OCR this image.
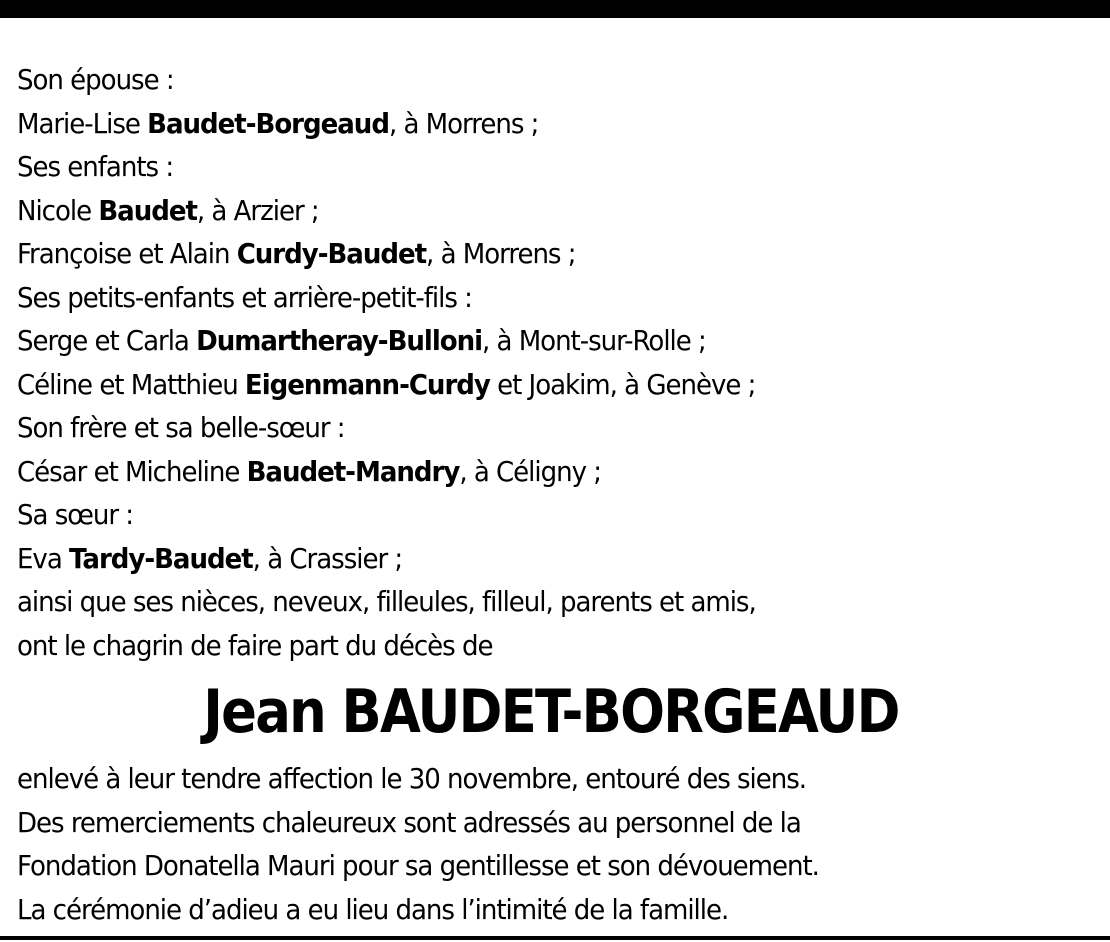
Son épouse :
Marie-Lise Baudet-Borgeaud, à Morrens ;
Ses enfants :
Nicole Baudet, à Arzier ;
Françoise et Alain Curdy-Baudet, à Morrens ;
Ses petits-enfants et arrière-petit-fils :
Serge et Carla Dumartheray-Bulloni, à Mont-sur-Rolle ;
Céline et Matthieu Eigenmann-Curdy et Joakim, à Genève ;
Son frère et sa belle-sœur :
César et Micheline Baudet-Mandry, à Céligny ;
Sa sœur :
Eva Tardy-Baudet, à Crassier ;
ainsi que ses nièces, neveux, filleules, filleul, parents et amis,
ont le chagrin de faire part du décès de
Jean BAUDET-BORGEAUD
enlevé à leur tendre affection le 30 novembre, entouré des siens.
Des remerciements chaleureux sont adressés au personnel de la
Fondation Donatella Mauri pour sa gentillesse et son dévouement.
La cérémonie d’adieu a eu lieu dans l’intimité de la famille.
